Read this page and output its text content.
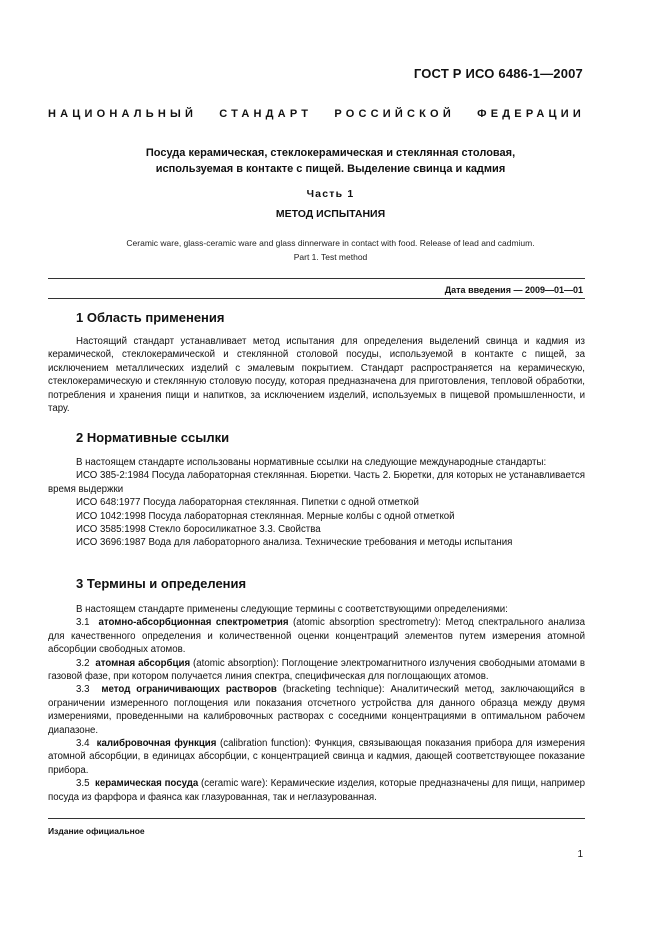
ГОСТ Р ИСО 6486-1—2007
НАЦИОНАЛЬНЫЙ СТАНДАРТ РОССИЙСКОЙ ФЕДЕРАЦИИ
Посуда керамическая, стеклокерамическая и стеклянная столовая,
используемая в контакте с пищей. Выделение свинца и кадмия
Часть 1
МЕТОД ИСПЫТАНИЯ
Ceramic ware, glass-ceramic ware and glass dinnerware in contact with food. Release of lead and cadmium.
Part 1. Test method
Дата введения — 2009—01—01
1 Область применения

Настоящий стандарт устанавливает метод испытания для определения выделений свинца и кадмия из керамической, стеклокерамической и стеклянной столовой посуды, используемой в контакте с пищей, за исключением металлических изделий с эмалевым покрытием. Стандарт распространяется на керамическую, стеклокерамическую и стеклянную столовую посуду, которая предназначена для приготовления, тепловой обработки, потребления и хранения пищи и напитков, за исключением изделий, используемых в пищевой промышленности, и тару.

2 Нормативные ссылки

В настоящем стандарте использованы нормативные ссылки на следующие международные стандарты:

ИСО 385-2:1984 Посуда лабораторная стеклянная. Бюретки. Часть 2. Бюретки, для которых не устанавливается время выдержки

ИСО 648:1977 Посуда лабораторная стеклянная. Пипетки с одной отметкой

ИСО 1042:1998 Посуда лабораторная стеклянная. Мерные колбы с одной отметкой

ИСО 3585:1998 Стекло боросиликатное 3.3. Свойства

ИСО 3696:1987 Вода для лабораторного анализа. Технические требования и методы испытания

3 Термины и определения

В настоящем стандарте применены следующие термины с соответствующими определениями:

3.1 атомно-абсорбционная спектрометрия (atomic absorption spectrometry): Метод спектрального анализа для качественного определения и количественной оценки концентраций элементов путем измерения атомной абсорбции свободных атомов.

3.2 атомная абсорбция (atomic absorption): Поглощение электромагнитного излучения свободными атомами в газовой фазе, при котором получается линия спектра, специфическая для поглощающих атомов.

3.3 метод ограничивающих растворов (bracketing technique): Аналитический метод, заключающийся в ограничении измеренного поглощения или показания отсчетного устройства для данного образца между двумя измерениями, проведенными на калибровочных растворах с соседними концентрациями в оптимальном рабочем диапазоне.

3.4 калибровочная функция (calibration function): Функция, связывающая показания прибора для измерения атомной абсорбции, в единицах абсорбции, с концентрацией свинца и кадмия, дающей соответствующее показание прибора.

3.5 керамическая посуда (ceramic ware): Керамические изделия, которые предназначены для пищи, например посуда из фарфора и фаянса как глазурованная, так и неглазурованная.

Издание официальное
1
